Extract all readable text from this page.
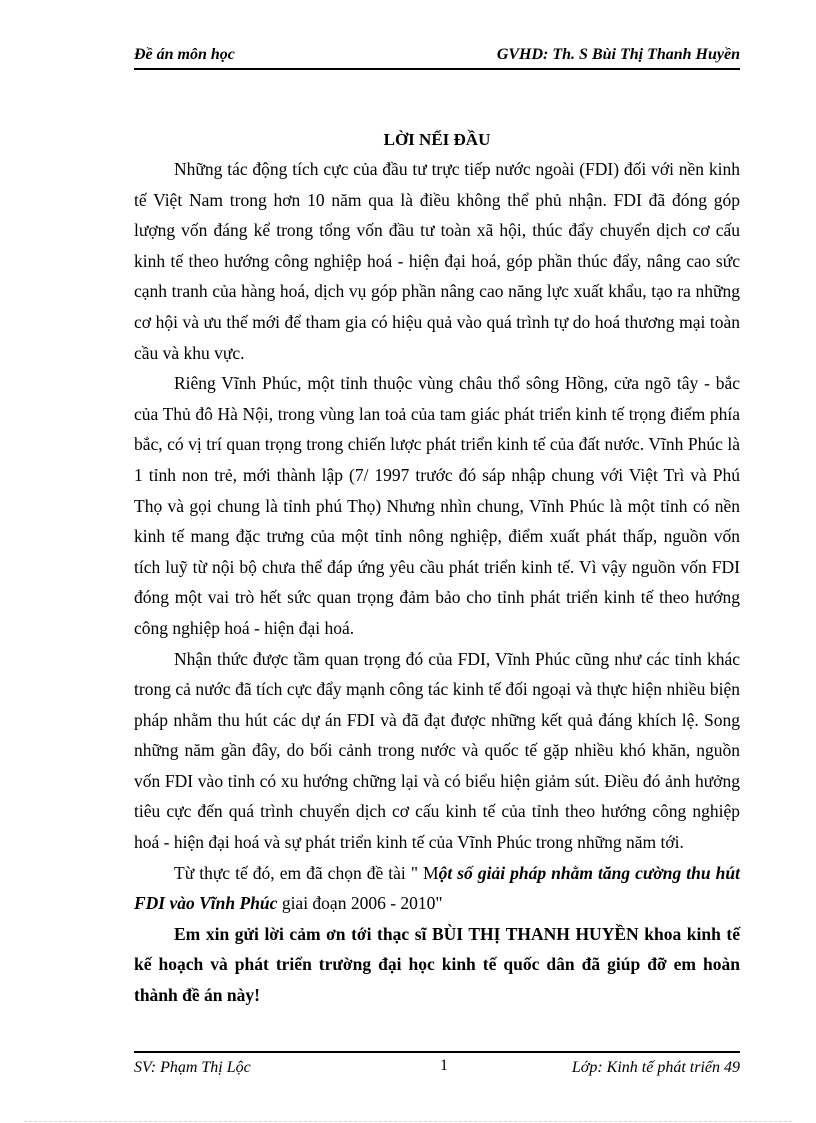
Đề án môn học	GVHD: Th. S Bùi Thị Thanh Huyền
LỜI NỂI ĐẦU

Những tác động tích cực của đầu tư trực tiếp nước ngoài (FDI) đối với nền kinh tế Việt Nam trong hơn 10 năm qua là điều không thể phủ nhận. FDI đã đóng góp lượng vốn đáng kể trong tổng vốn đầu tư toàn xã hội, thúc đẩy chuyển dịch cơ cấu kinh tế theo hướng công nghiệp hoá - hiện đại hoá, góp phần thúc đẩy, nâng cao sức cạnh tranh của hàng hoá, dịch vụ góp phần nâng cao năng lực xuất khẩu, tạo ra những cơ hội và ưu thế mới để tham gia có hiệu quả vào quá trình tự do hoá thương mại toàn cầu và khu vực.

Riêng Vĩnh Phúc, một tỉnh thuộc vùng châu thổ sông Hồng, cửa ngõ tây - bắc của Thủ đô Hà Nội, trong vùng lan toả của tam giác phát triển kinh tế trọng điểm phía bắc, có vị trí quan trọng trong chiến lược phát triển kinh tế của đất nước. Vĩnh Phúc là 1 tỉnh non trẻ, mới thành lập (7/ 1997 trước đó sáp nhập chung với Việt Trì và Phú Thọ và gọi chung là tỉnh phú Thọ) Nhưng nhìn chung, Vĩnh Phúc là một tỉnh có nền kinh tế mang đặc trưng của một tỉnh nông nghiệp, điểm xuất phát thấp, nguồn vốn tích luỹ từ nội bộ chưa thể đáp ứng yêu cầu phát triển kinh tế. Vì vậy nguồn vốn FDI đóng một vai trò hết sức quan trọng đảm bảo cho tỉnh phát triển kinh tế theo hướng công nghiệp hoá - hiện đại hoá.

Nhận thức được tầm quan trọng đó của FDI, Vĩnh Phúc cũng như các tỉnh khác trong cả nước đã tích cực đẩy mạnh công tác kinh tế đối ngoại và thực hiện nhiều biện pháp nhằm thu hút các dự án FDI và đã đạt được những kết quả đáng khích lệ. Song những năm gần đây, do bối cảnh trong nước và quốc tế gặp nhiều khó khăn, nguồn vốn FDI vào tỉnh có xu hướng chững lại và có biểu hiện giảm sút. Điều đó ảnh hưởng tiêu cực đến quá trình chuyển dịch cơ cấu kinh tế của tỉnh theo hướng công nghiệp hoá - hiện đại hoá và sự phát triển kinh tế của Vĩnh Phúc trong những năm tới.

Từ thực tế đó, em đã chọn đề tài " Một số giải pháp nhằm tăng cường thu hút FDI vào Vĩnh Phúc giai đoạn 2006 - 2010"

Em xin gửi lời cảm ơn tới thạc sĩ BÙI THỊ THANH HUYỀN khoa kinh tế kế hoạch và phát triển trường đại học kinh tế quốc dân đã giúp đỡ em hoàn thành đề án này!

SV: Phạm Thị Lộc	1	Lớp: Kinh tế phát triển 49
